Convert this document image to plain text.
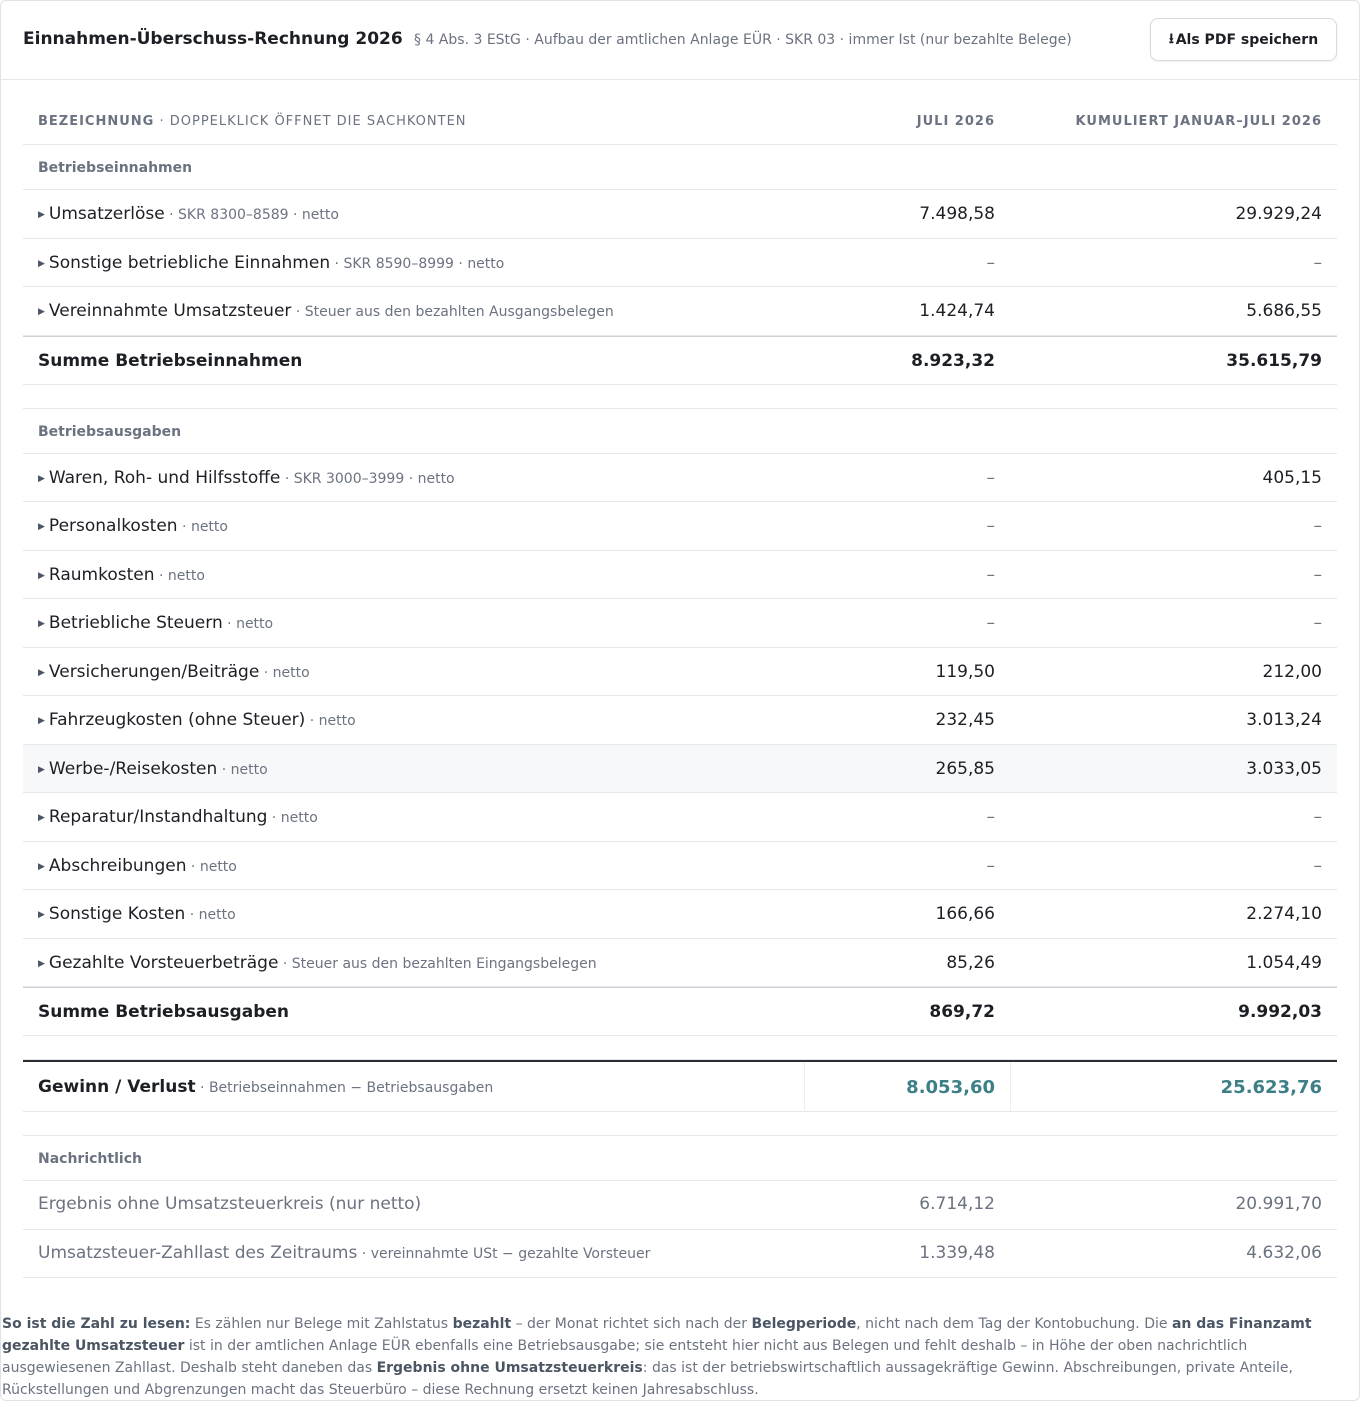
Einnahmen-Überschuss-Rechnung 2026 § 4 Abs. 3 EStG · Aufbau der amtlichen Anlage EÜR · SKR 03 · immer Ist (nur bezahlte Belege)	⭳ Als PDF speichern
BEZEICHNUNG · DOPPELKLICK ÖFFNET DIE SACHKONTEN	JULI 2026	KUMULIERT JANUAR–JULI 2026
Betriebseinnahmen
▶ Umsatzerlöse · SKR 8300–8589 · netto	7.498,58	29.929,24
▶ Sonstige betriebliche Einnahmen · SKR 8590–8999 · netto	–	–
▶ Vereinnahmte Umsatzsteuer · Steuer aus den bezahlten Ausgangsbelegen	1.424,74	5.686,55
Summe Betriebseinnahmen	8.923,32	35.615,79
Betriebsausgaben
▶ Waren, Roh- und Hilfsstoffe · SKR 3000–3999 · netto	–	405,15
▶ Personalkosten · netto	–	–
▶ Raumkosten · netto	–	–
▶ Betriebliche Steuern · netto	–	–
▶ Versicherungen/Beiträge · netto	119,50	212,00
▶ Fahrzeugkosten (ohne Steuer) · netto	232,45	3.013,24
▶ Werbe-/Reisekosten · netto	265,85	3.033,05
▶ Reparatur/Instandhaltung · netto	–	–
▶ Abschreibungen · netto	–	–
▶ Sonstige Kosten · netto	166,66	2.274,10
▶ Gezahlte Vorsteuerbeträge · Steuer aus den bezahlten Eingangsbelegen	85,26	1.054,49
Summe Betriebsausgaben	869,72	9.992,03
Gewinn / Verlust · Betriebseinnahmen − Betriebsausgaben	8.053,60	25.623,76
Nachrichtlich
Ergebnis ohne Umsatzsteuerkreis (nur netto)	6.714,12	20.991,70
Umsatzsteuer-Zahllast des Zeitraums · vereinnahmte USt − gezahlte Vorsteuer	1.339,48	4.632,06
So ist die Zahl zu lesen: Es zählen nur Belege mit Zahlstatus bezahlt – der Monat richtet sich nach der Belegperiode, nicht nach dem Tag der Kontobuchung. Die an das Finanzamt gezahlte Umsatzsteuer ist in der amtlichen Anlage EÜR ebenfalls eine Betriebsausgabe; sie entsteht hier nicht aus Belegen und fehlt deshalb – in Höhe der oben nachrichtlich ausgewiesenen Zahllast. Deshalb steht daneben das Ergebnis ohne Umsatzsteuerkreis: das ist der betriebswirtschaftlich aussagekräftige Gewinn. Abschreibungen, private Anteile, Rückstellungen und Abgrenzungen macht das Steuerbüro – diese Rechnung ersetzt keinen Jahresabschluss.
